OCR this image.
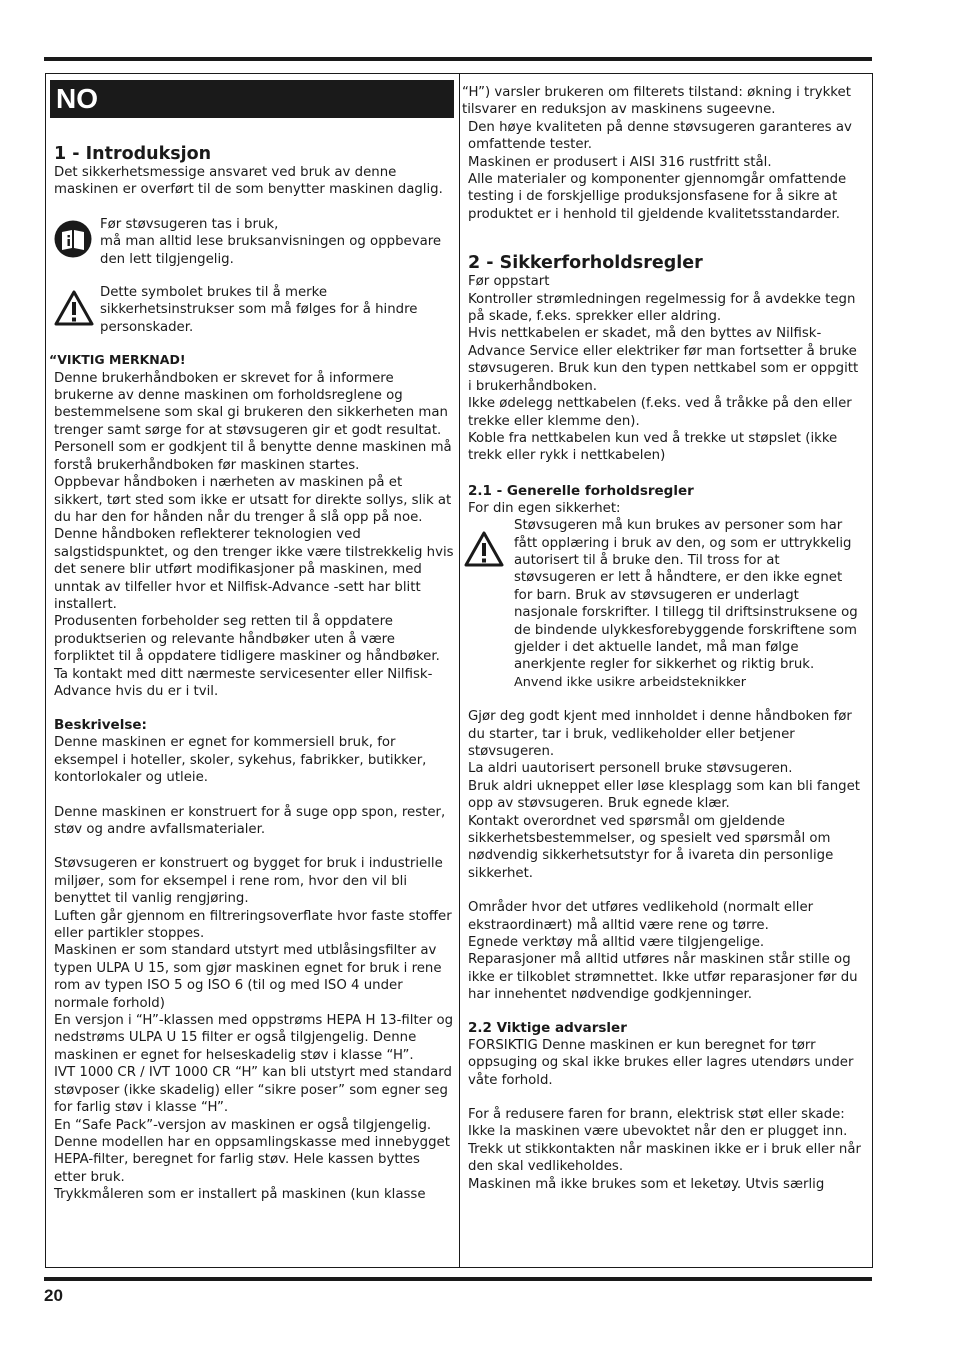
NO
1 - Introduksjon

Det sikkerhetsmessige ansvaret ved bruk av denne maskinen er overført til de som benytter maskinen daglig.

Før støvsugeren tas i bruk,
må man alltid lese bruksanvisningen og oppbevare den lett tilgjengelig.

Dette symbolet brukes til å merke sikkerhetsinstrukser som må følges for å hindre personskader.

“VIKTIG MERKNAD!

Denne brukerhåndboken er skrevet for å informere brukerne av denne maskinen om forholdsreglene og bestemmelsene som skal gi brukeren den sikkerheten man trenger samt sørge for at støvsugeren gir et godt resultat.

Personell som er godkjent til å benytte denne maskinen må forstå brukerhåndboken før maskinen startes.

Oppbevar håndboken i nærheten av maskinen på et sikkert, tørt sted som ikke er utsatt for direkte sollys, slik at du har den for hånden når du trenger å slå opp på noe.

Denne håndboken reflekterer teknologien ved salgstidspunktet, og den trenger ikke være tilstrekkelig hvis det senere blir utført modifikasjoner på maskinen, med unntak av tilfeller hvor et Nilfisk-Advance -sett har blitt installert.

Produsenten forbeholder seg retten til å oppdatere produktserien og relevante håndbøker uten å være forpliktet til å oppdatere tidligere maskiner og håndbøker.

Ta kontakt med ditt nærmeste servicesenter eller Nilfisk-Advance hvis du er i tvil.

Beskrivelse:

Denne maskinen er egnet for kommersiell bruk, for eksempel i hoteller, skoler, sykehus, fabrikker, butikker, kontorlokaler og utleie.

Denne maskinen er konstruert for å suge opp spon, rester, støv og andre avfallsmaterialer.

Støvsugeren er konstruert og bygget for bruk i industrielle miljøer, som for eksempel i rene rom, hvor den vil bli benyttet til vanlig rengjøring.

Luften går gjennom en filtreringsoverflate hvor faste stoffer eller partikler stoppes.

Maskinen er som standard utstyrt med utblåsingsfilter av typen ULPA U 15, som gjør maskinen egnet for bruk i rene rom av typen ISO 5 og ISO 6 (til og med ISO 4 under normale forhold)

En versjon i “H”-klassen med oppstrøms HEPA H 13-filter og nedstrøms ULPA U 15 filter er også tilgjengelig. Denne maskinen er egnet for helseskadelig støv i klasse “H”.

IVT 1000 CR / IVT 1000 CR “H” kan bli utstyrt med standard støvposer (ikke skadelig) eller “sikre poser” som egner seg for farlig støv i klasse “H”.

En “Safe Pack”-versjon av maskinen er også tilgjengelig. Denne modellen har en oppsamlingskasse med innebygget HEPA-filter, beregnet for farlig støv. Hele kassen byttes etter bruk.

Trykkmåleren som er installert på maskinen (kun klasse

“H”) varsler brukeren om filterets tilstand: økning i trykket tilsvarer en reduksjon av maskinens sugeevne.

Den høye kvaliteten på denne støvsugeren garanteres av omfattende tester.

Maskinen er produsert i AISI 316 rustfritt stål.

Alle materialer og komponenter gjennomgår omfattende testing i de forskjellige produksjonsfasene for å sikre at produktet er i henhold til gjeldende kvalitetsstandarder.

2 - Sikkerforholdsregler

Før oppstart

Kontroller strømledningen regelmessig for å avdekke tegn på skade, f.eks. sprekker eller aldring.

Hvis nettkabelen er skadet, må den byttes av Nilfisk-Advance Service eller elektriker før man fortsetter å bruke støvsugeren. Bruk kun den typen nettkabel som er oppgitt i brukerhåndboken.

Ikke ødelegg nettkabelen (f.eks. ved å tråkke på den eller trekke eller klemme den).

Koble fra nettkabelen kun ved å trekke ut støpslet (ikke trekk eller rykk i nettkabelen)

2.1 - Generelle forholdsregler

For din egen sikkerhet:

Støvsugeren må kun brukes av personer som har fått opplæring i bruk av den, og som er uttrykkelig autorisert til å bruke den. Til tross for at støvsugeren er lett å håndtere, er den ikke egnet for barn. Bruk av støvsugeren er underlagt nasjonale forskrifter. I tillegg til driftsinstruksene og de bindende ulykkesforebyggende forskriftene som gjelder i det aktuelle landet, må man følge anerkjente regler for sikkerhet og riktig bruk.

Anvend ikke usikre arbeidsteknikker

Gjør deg godt kjent med innholdet i denne håndboken før du starter, tar i bruk, vedlikeholder eller betjener støvsugeren.

La aldri uautorisert personell bruke støvsugeren.

Bruk aldri ukneppet eller løse klesplagg som kan bli fanget opp av støvsugeren. Bruk egnede klær.

Kontakt overordnet ved spørsmål om gjeldende sikkerhetsbestemmelser, og spesielt ved spørsmål om nødvendig sikkerhetsutstyr for å ivareta din personlige sikkerhet.

Områder hvor det utføres vedlikehold (normalt eller ekstraordinært) må alltid være rene og tørre.

Egnede verktøy må alltid være tilgjengelige.

Reparasjoner må alltid utføres når maskinen står stille og ikke er tilkoblet strømnettet. Ikke utfør reparasjoner før du har innehentet nødvendige godkjenninger.

2.2 Viktige advarsler

FORSIKTIG Denne maskinen er kun beregnet for tørr oppsuging og skal ikke brukes eller lagres utendørs under våte forhold.

For å redusere faren for brann, elektrisk støt eller skade:

Ikke la maskinen være ubevoktet når den er plugget inn. Trekk ut stikkontakten når maskinen ikke er i bruk eller når den skal vedlikeholdes.

Maskinen må ikke brukes som et leketøy. Utvis særlig

20
